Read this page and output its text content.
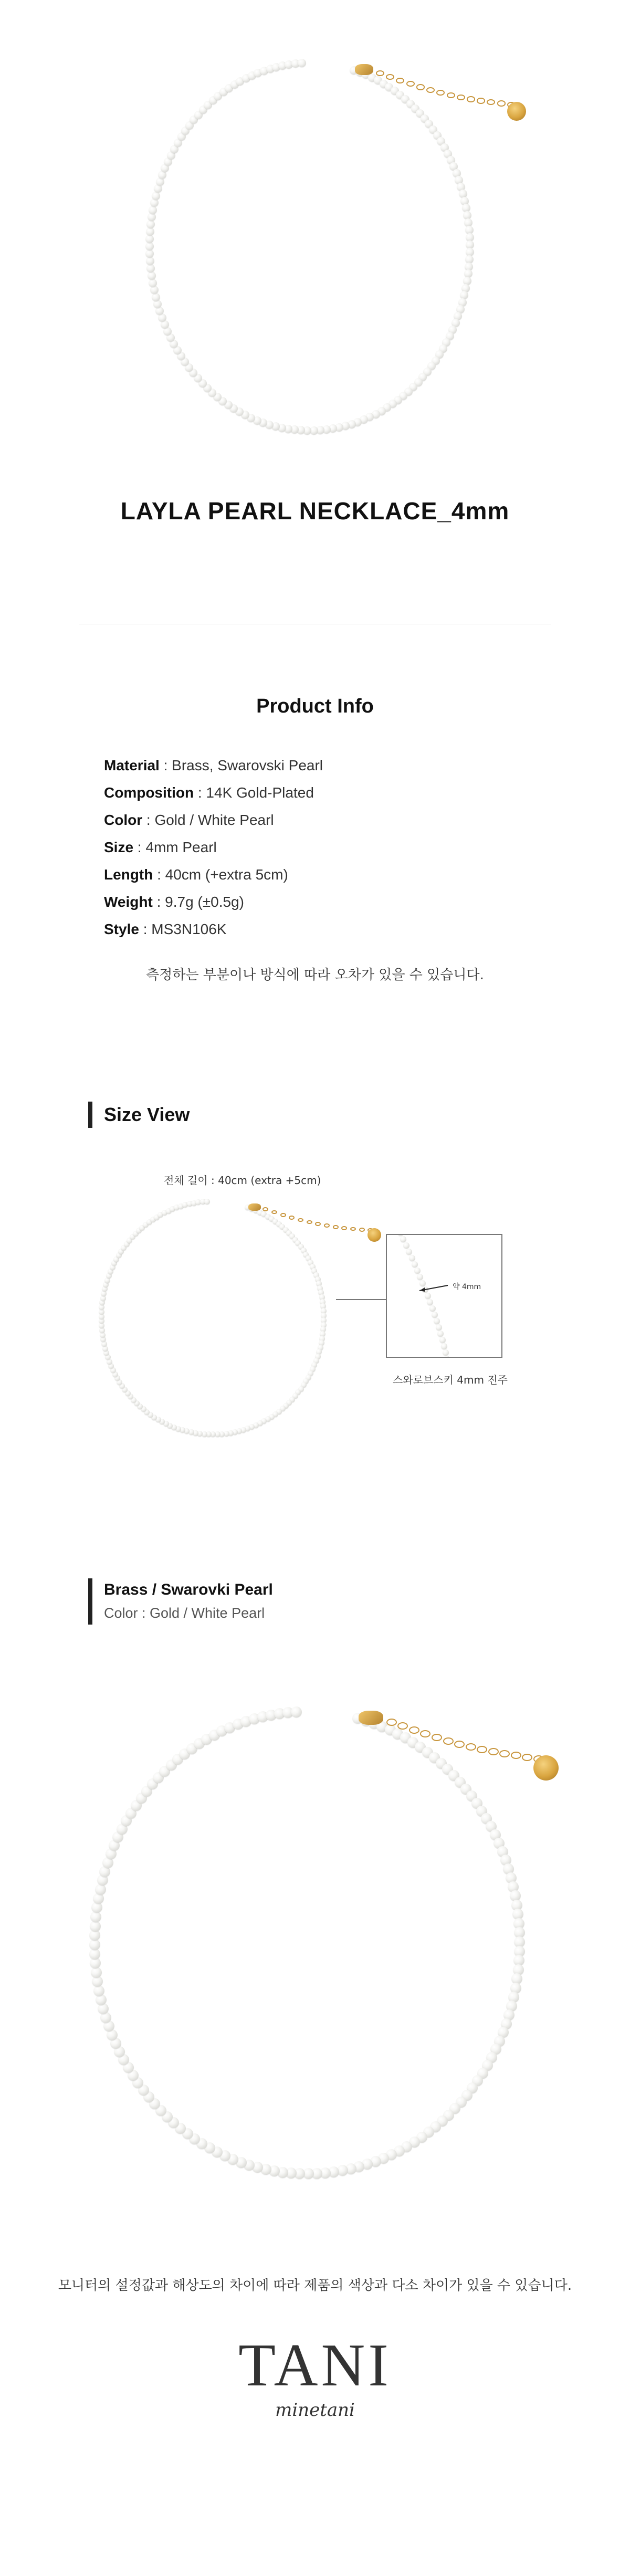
LAYLA PEARL NECKLACE_4mm
Product Info
Material : Brass, Swarovski Pearl
Composition : 14K Gold-Plated
Color : Gold / White Pearl
Size : 4mm Pearl
Length : 40cm (+extra 5cm)
Weight : 9.7g (±0.5g)
Style : MS3N106K
측정하는 부분이나 방식에 따라 오차가 있을 수 있습니다.
Size View
전체 길이 : 40cm (extra +5cm)
약 4mm
스와로브스키 4mm 진주
Brass / Swarovki Pearl
Color : Gold / White Pearl
모니터의 설정값과 해상도의 차이에 따라 제품의 색상과 다소 차이가 있을 수 있습니다.
TANI
minetani
